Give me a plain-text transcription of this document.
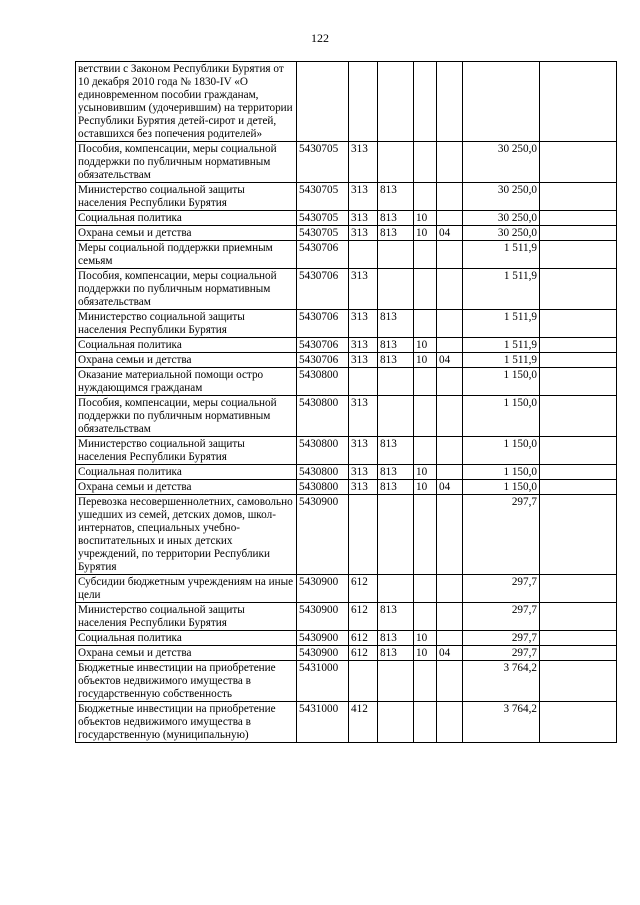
122
ветствии с Законом Республики Бурятия от 10 декабря 2010 года № 1830-IV «О единовременном пособии гражданам, усыновившим (удочерившим) на территории Республики Бурятия детей-сирот и детей, оставшихся без попечения родителей»							
Пособия, компенсации, меры социальной поддержки по публичным нормативным обязательствам	5430705	313				30 250,0	
Министерство социальной защиты населения Республики Бурятия	5430705	313	813			30 250,0	
Социальная политика	5430705	313	813	10		30 250,0	
Охрана семьи и детства	5430705	313	813	10	04	30 250,0	
Меры социальной поддержки приемным семьям	5430706					1 511,9	
Пособия, компенсации, меры социальной поддержки по публичным нормативным обязательствам	5430706	313				1 511,9	
Министерство социальной защиты населения Республики Бурятия	5430706	313	813			1 511,9	
Социальная политика	5430706	313	813	10		1 511,9	
Охрана семьи и детства	5430706	313	813	10	04	1 511,9	
Оказание материальной помощи остро нуждающимся гражданам	5430800					1 150,0	
Пособия, компенсации, меры социальной поддержки по публичным нормативным обязательствам	5430800	313				1 150,0	
Министерство социальной защиты населения Республики Бурятия	5430800	313	813			1 150,0	
Социальная политика	5430800	313	813	10		1 150,0	
Охрана семьи и детства	5430800	313	813	10	04	1 150,0	
Перевозка несовершеннолетних, самовольно ушедших из семей, детских домов, школ-интернатов, специальных учебно-воспитательных и иных детских учреждений, по территории Республики Бурятия	5430900					297,7	
Субсидии бюджетным учреждениям на иные цели	5430900	612				297,7	
Министерство социальной защиты населения Республики Бурятия	5430900	612	813			297,7	
Социальная политика	5430900	612	813	10		297,7	
Охрана семьи и детства	5430900	612	813	10	04	297,7	
Бюджетные инвестиции на приобретение объектов недвижимого имущества в государственную собственность	5431000					3 764,2	
Бюджетные инвестиции на приобретение объектов недвижимого имущества в государственную (муниципальную)	5431000	412				3 764,2	
